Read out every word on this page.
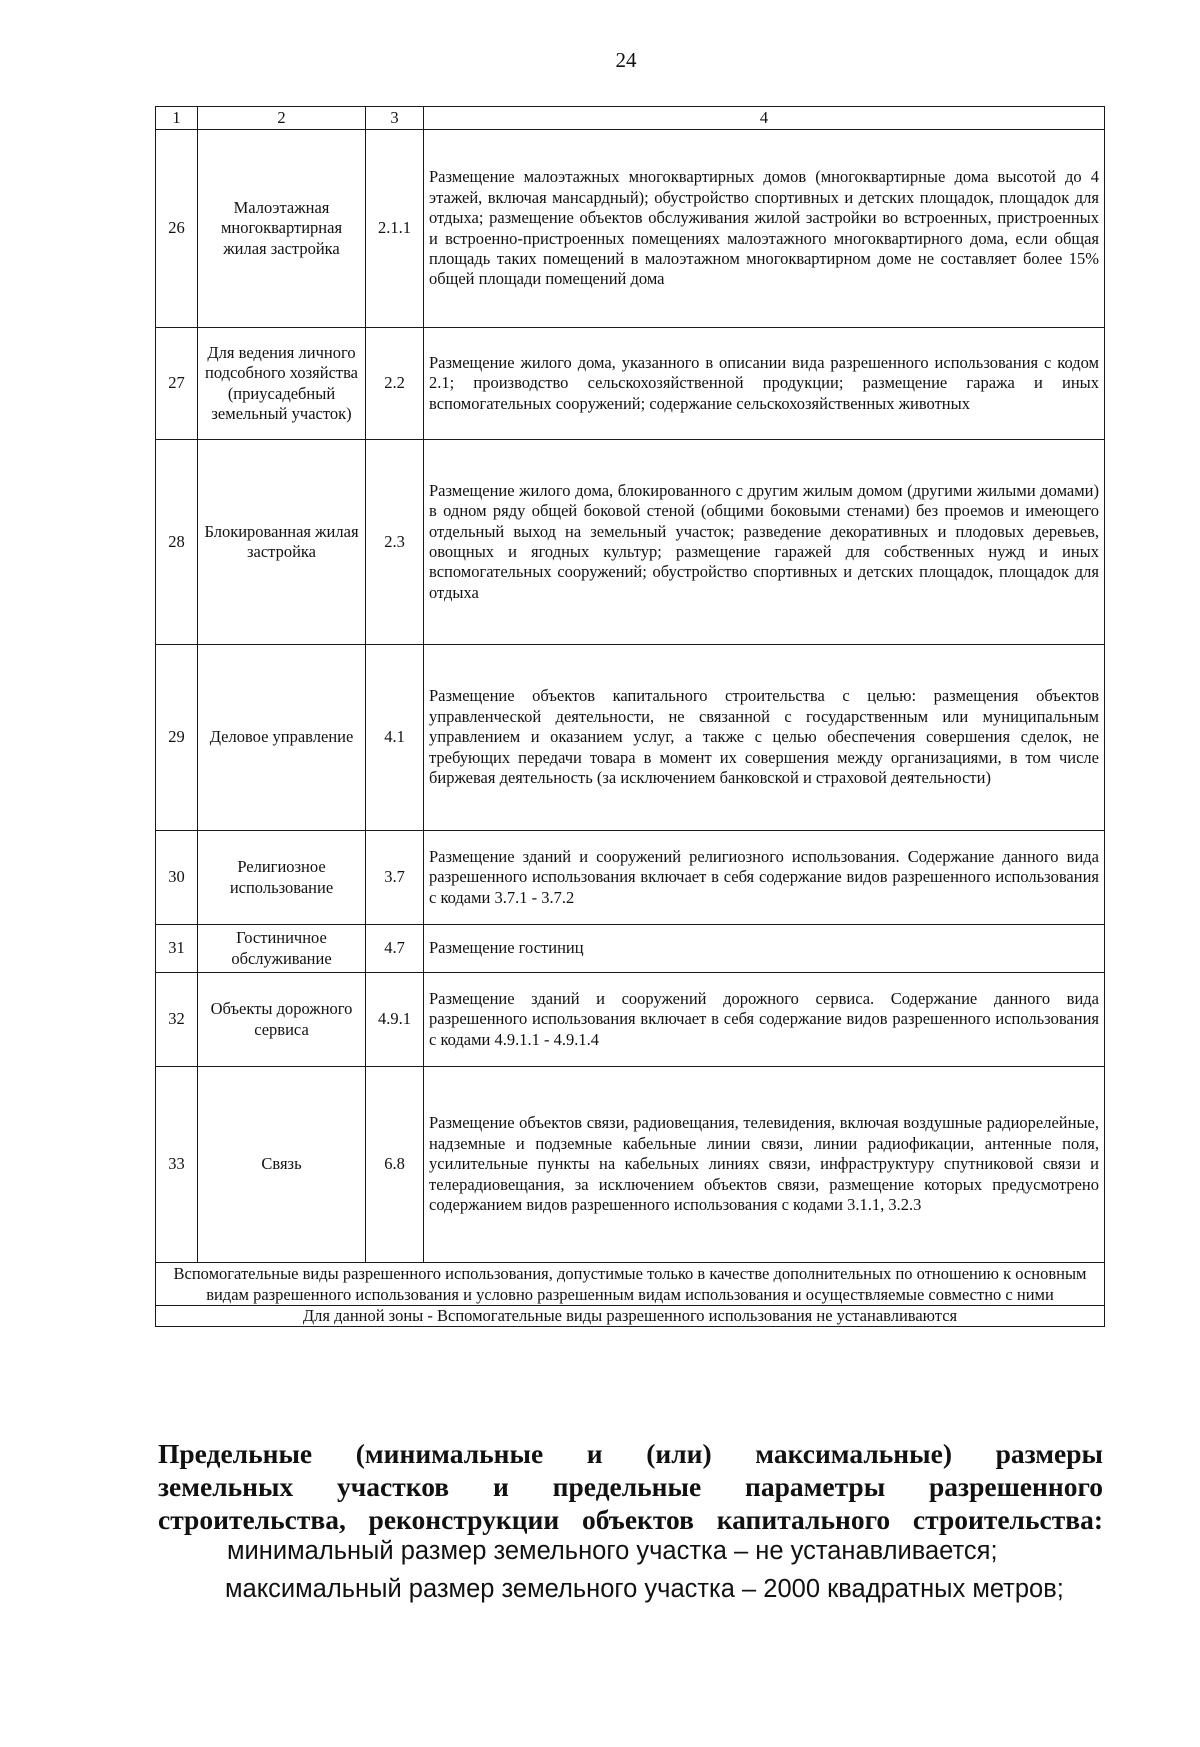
24
1	2	3	4
26	Малоэтажная многоквартирная жилая застройка	2.1.1	Размещение малоэтажных многоквартирных домов (многоквартирные дома высотой до 4 этажей, включая мансардный); обустройство спортивных и детских площадок, площадок для отдыха; размещение объектов обслуживания жилой застройки во встроенных, пристроенных и встроенно-пристроенных помещениях малоэтажного многоквартирного дома, если общая площадь таких помещений в малоэтажном многоквартирном доме не составляет более 15% общей площади помещений дома
27	Для ведения личного подсобного хозяйства (приусадебный земельный участок)	2.2	Размещение жилого дома, указанного в описании вида разрешенного использования с кодом 2.1; производство сельскохозяйственной продукции; размещение гаража и иных вспомогательных сооружений; содержание сельскохозяйственных животных
28	Блокированная жилая застройка	2.3	Размещение жилого дома, блокированного с другим жилым домом (другими жилыми домами) в одном ряду общей боковой стеной (общими боковыми стенами) без проемов и имеющего отдельный выход на земельный участок; разведение декоративных и плодовых деревьев, овощных и ягодных культур; размещение гаражей для собственных нужд и иных вспомогательных сооружений; обустройство спортивных и детских площадок, площадок для отдыха
29	Деловое управление	4.1	Размещение объектов капитального строительства с целью: размещения объектов управленческой деятельности, не связанной с государственным или муниципальным управлением и оказанием услуг, а также с целью обеспечения совершения сделок, не требующих передачи товара в момент их совершения между организациями, в том числе биржевая деятельность (за исключением банковской и страховой деятельности)
30	Религиозное использование	3.7	Размещение зданий и сооружений религиозного использования. Содержание данного вида разрешенного использования включает в себя содержание видов разрешенного использования с кодами 3.7.1 - 3.7.2
31	Гостиничное обслуживание	4.7	Размещение гостиниц
32	Объекты дорожного сервиса	4.9.1	Размещение зданий и сооружений дорожного сервиса. Содержание данного вида разрешенного использования включает в себя содержание видов разрешенного использования с кодами 4.9.1.1 - 4.9.1.4
33	Связь	6.8	Размещение объектов связи, радиовещания, телевидения, включая воздушные радиорелейные, надземные и подземные кабельные линии связи, линии радиофикации, антенные поля, усилительные пункты на кабельных линиях связи, инфраструктуру спутниковой связи и телерадиовещания, за исключением объектов связи, размещение которых предусмотрено содержанием видов разрешенного использования с кодами 3.1.1, 3.2.3
Вспомогательные виды разрешенного использования, допустимые только в качестве дополнительных по отношению к основным видам разрешенного использования и условно разрешенным видам использования и осуществляемые совместно с ними			
Для данной зоны - Вспомогательные виды разрешенного использования не устанавливаются			
Предельные (минимальные и (или) максимальные) размеры
земельных участков и предельные параметры разрешенного
строительства, реконструкции объектов капитального строительства:
минимальный размер земельного участка – не устанавливается;
максимальный размер земельного участка – 2000 квадратных метров;
